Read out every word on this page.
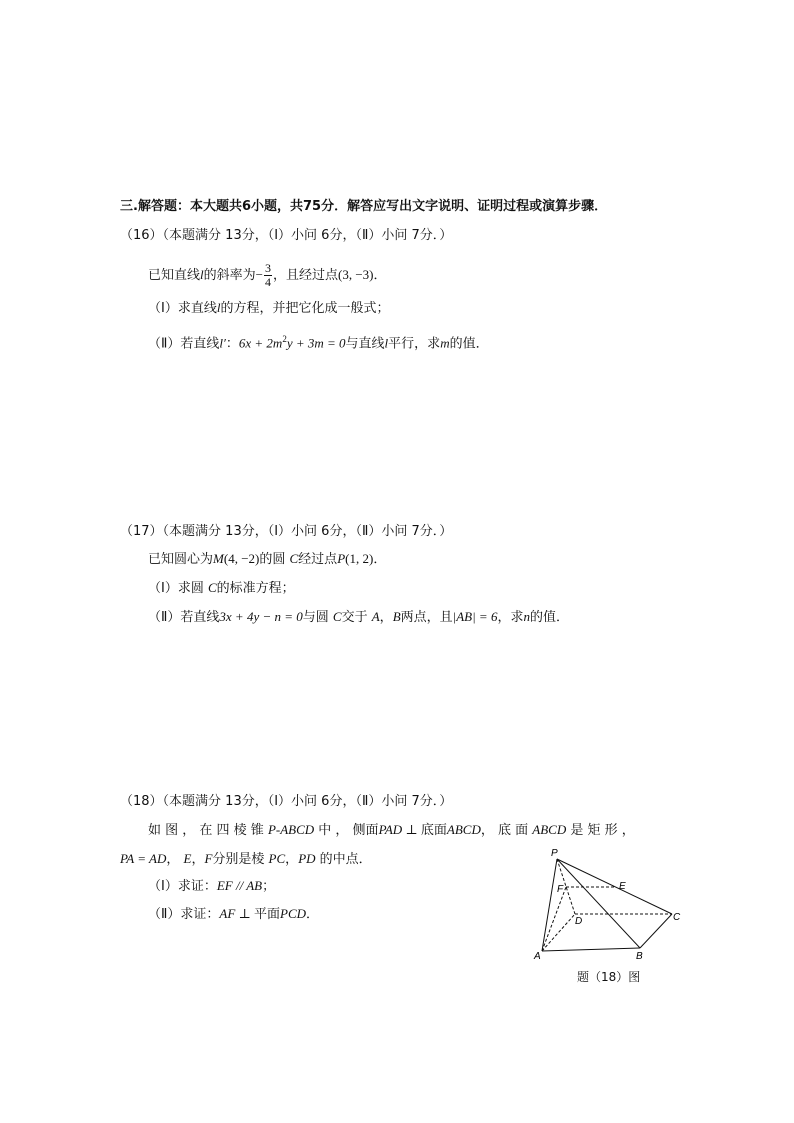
三.解答题：本大题共6小题，共75分．解答应写出文字说明、证明过程或演算步骤．
（16）（本题满分 13分，（Ⅰ）小问 6分，（Ⅱ）小问 7分．）
已知直线l的斜率为− $\frac{3}{4}$ ，且经过点(3, −3)．
（Ⅰ）求直线l的方程，并把它化成一般式；
（Ⅱ）若直线l′：$6x + 2m^2y + 3m = 0$与直线l平行，求m的值．
（17）（本题满分 13分，（Ⅰ）小问 6分，（Ⅱ）小问 7分．）
已知圆心为M(4, −2)的圆 C经过点P(1, 2)．
（Ⅰ）求圆 C的标准方程；
（Ⅱ）若直线3x + 4y − n = 0与圆 C交于 A，B两点，且|AB| = 6，求n的值．
（18）（本题满分 13分，（Ⅰ）小问 6分，（Ⅱ）小问 7分．）
如 图 ， 在 四 棱 锥 P-ABCD 中 ， 侧面PAD ⊥ 底面ABCD， 底 面 ABCD 是 矩 形 ，
PA = AD， E，F分别是棱 PC，PD 的中点．
（Ⅰ）求证：EF // AB；
（Ⅱ）求证：AF ⊥ 平面PCD．
P
E
F
D	C
A	B
题（18）图
